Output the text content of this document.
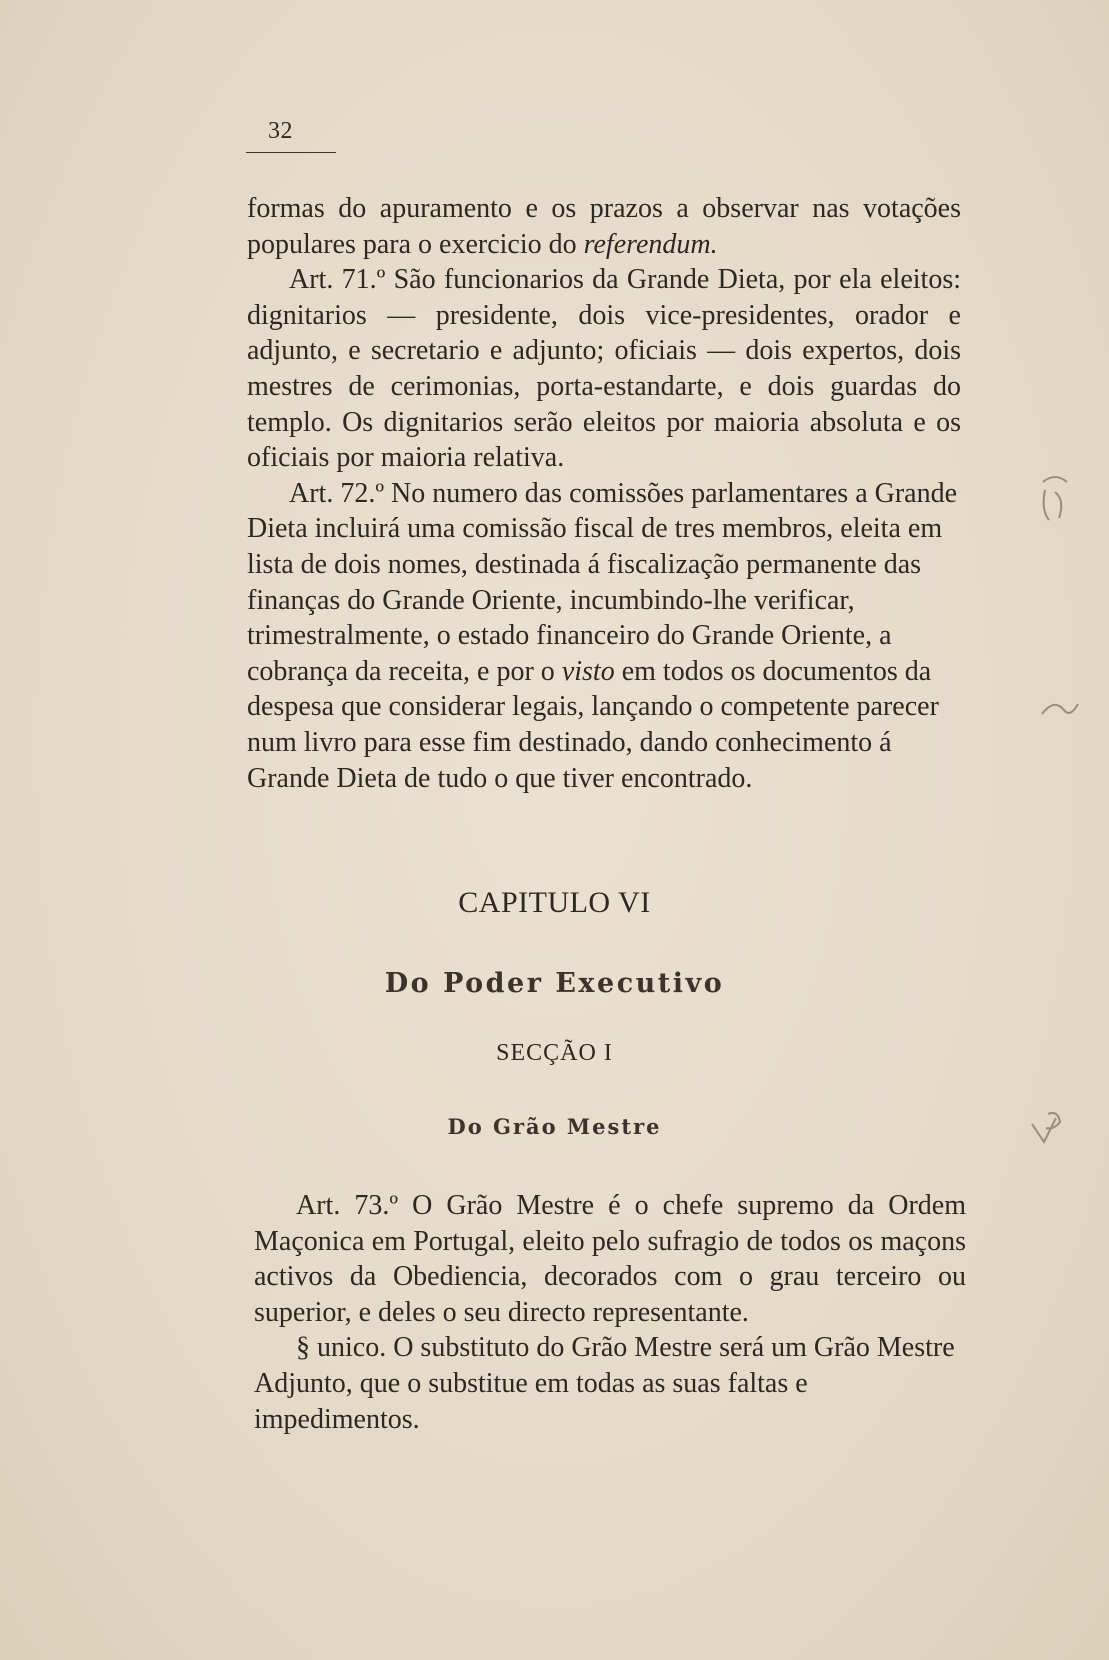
32

formas do apuramento e os prazos a observar nas votações populares para o exercicio do referendum.

Art. 71.º São funcionarios da Grande Dieta, por ela eleitos: dignitarios — presidente, dois vice-presidentes, orador e adjunto, e secretario e adjunto; oficiais — dois expertos, dois mestres de cerimonias, porta-estandarte, e dois guardas do templo. Os dignitarios serão eleitos por maioria absoluta e os oficiais por maioria relativa.

Art. 72.º No numero das comissões parlamentares a Grande Dieta incluirá uma comissão fiscal de tres membros, eleita em lista de dois nomes, destinada á fiscalização permanente das finanças do Grande Oriente, incumbindo-lhe verificar, trimestralmente, o estado financeiro do Grande Oriente, a cobrança da receita, e por o visto em todos os documentos da despesa que considerar legais, lançando o competente parecer num livro para esse fim destinado, dando conhecimento á Grande Dieta de tudo o que tiver encontrado.

CAPITULO VI
Do Poder Executivo
SECÇÃO I
Do Grão Mestre

Art. 73.º O Grão Mestre é o chefe supremo da Ordem Maçonica em Portugal, eleito pelo sufragio de todos os maçons activos da Obediencia, decorados com o grau terceiro ou superior, e deles o seu directo representante.

§ unico. O substituto do Grão Mestre será um Grão Mestre Adjunto, que o substitue em todas as suas faltas e impedimentos.
